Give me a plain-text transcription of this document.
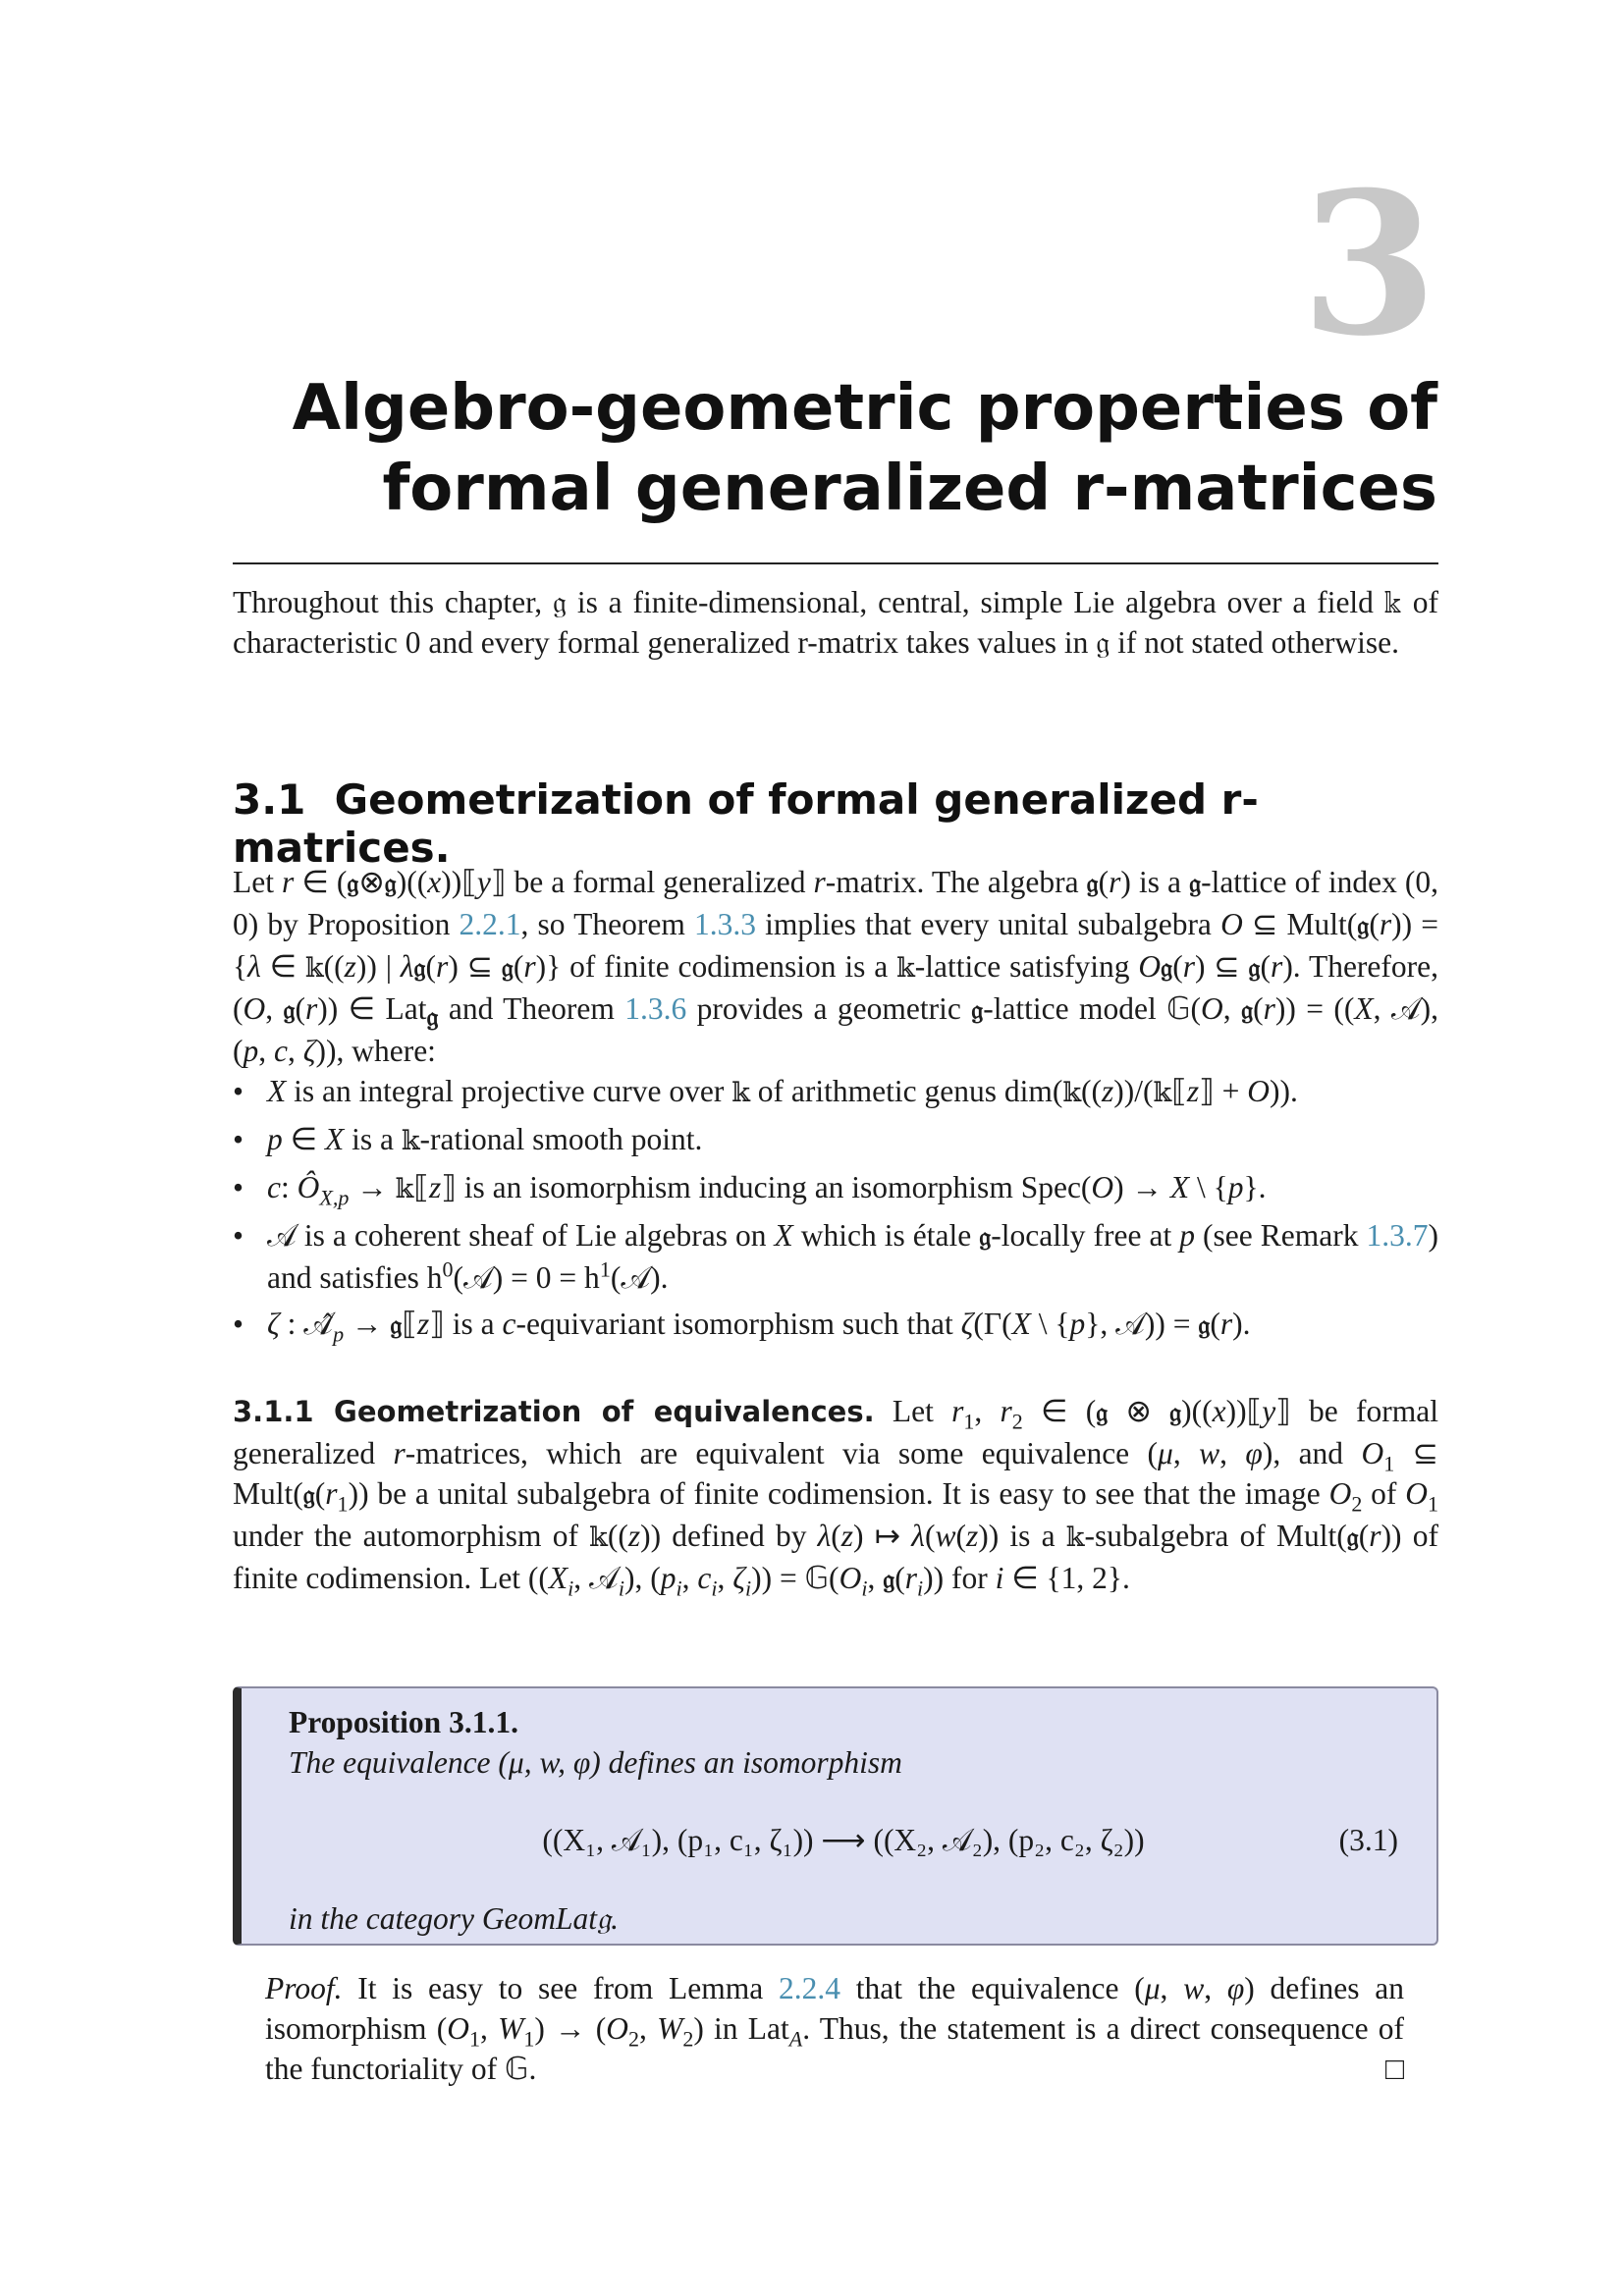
3
Algebro-geometric properties of
formal generalized r-matrices
Throughout this chapter, 𝔤 is a finite-dimensional, central, simple Lie algebra over a field 𝕜 of characteristic 0 and every formal generalized r-matrix takes values in 𝔤 if not stated otherwise.
3.1 Geometrization of formal generalized r-matrices.
Let r ∈ (𝔤⊗𝔤)((x))⟦y⟧ be a formal generalized r-matrix. The algebra 𝔤(r) is a 𝔤-lattice of index (0, 0) by Proposition 2.2.1, so Theorem 1.3.3 implies that every unital subalgebra O ⊆ Mult(𝔤(r)) = {λ ∈ 𝕜((z)) | λ𝔤(r) ⊆ 𝔤(r)} of finite codimension is a 𝕜-lattice satisfying O𝔤(r) ⊆ 𝔤(r). Therefore, (O, 𝔤(r)) ∈ Lat$_𝔤$ and Theorem 1.3.6 provides a geometric 𝔤-lattice model 𝔾(O, 𝔤(r)) = ((X, 𝒜), (p, c, ζ)), where:
• X is an integral projective curve over 𝕜 of arithmetic genus dim(𝕜((z))/(𝕜⟦z⟧ + O)).
• p ∈ X is a 𝕜-rational smooth point.
• c: $Ô_{X,p}$ → 𝕜⟦z⟧ is an isomorphism inducing an isomorphism Spec(O) → X \ {p}.
• 𝒜 is a coherent sheaf of Lie algebras on X which is étale 𝔤-locally free at p (see Remark 1.3.7) and satisfies $h^0(𝒜) = 0$ = $h^1(𝒜)$.
• ζ : $𝒜̂_p$ → 𝔤⟦z⟧ is a c-equivariant isomorphism such that ζ(Γ(X \ {p}, 𝒜)) = 𝔤(r).
3.1.1 Geometrization of equivalences. Let $r_1$, $r_2$ ∈ (𝔤 ⊗ 𝔤)((x))⟦y⟧ be formal generalized r-matrices, which are equivalent via some equivalence (μ, w, φ), and $O_1$ ⊆ $Mult(𝔤(r_1))$ be a unital subalgebra of finite codimension. It is easy to see that the image $O_2$ of $O_1$ under the automorphism of 𝕜((z)) defined by λ(z) ↦ λ(w(z)) is a 𝕜-subalgebra of Mult(𝔤(r)) of finite codimension. Let (($X_i$, 𝒜$_i$), ($p_i$, $c_i$, $\zeta_i$)) = $𝔾(O_i$, $𝔤(r_i)$) for i ∈ {1, 2}.
Proposition 3.1.1.
The equivalence (μ, w, φ) defines an isomorphism
((X₁, 𝒜₁), (p₁, c₁, ζ₁)) ⟶ ((X₂, 𝒜₂), (p₂, c₂, ζ₂))	(3.1)
in the category GeomLat𝔤.
Proof. It is easy to see from Lemma 2.2.4 that the equivalence (μ, w, φ) defines an isomorphism ($O_1$, $W_1) \to (O_2$, $W_2$) in Lat$_A$. Thus, the statement is a direct consequence of the functoriality of 𝔾.	□
